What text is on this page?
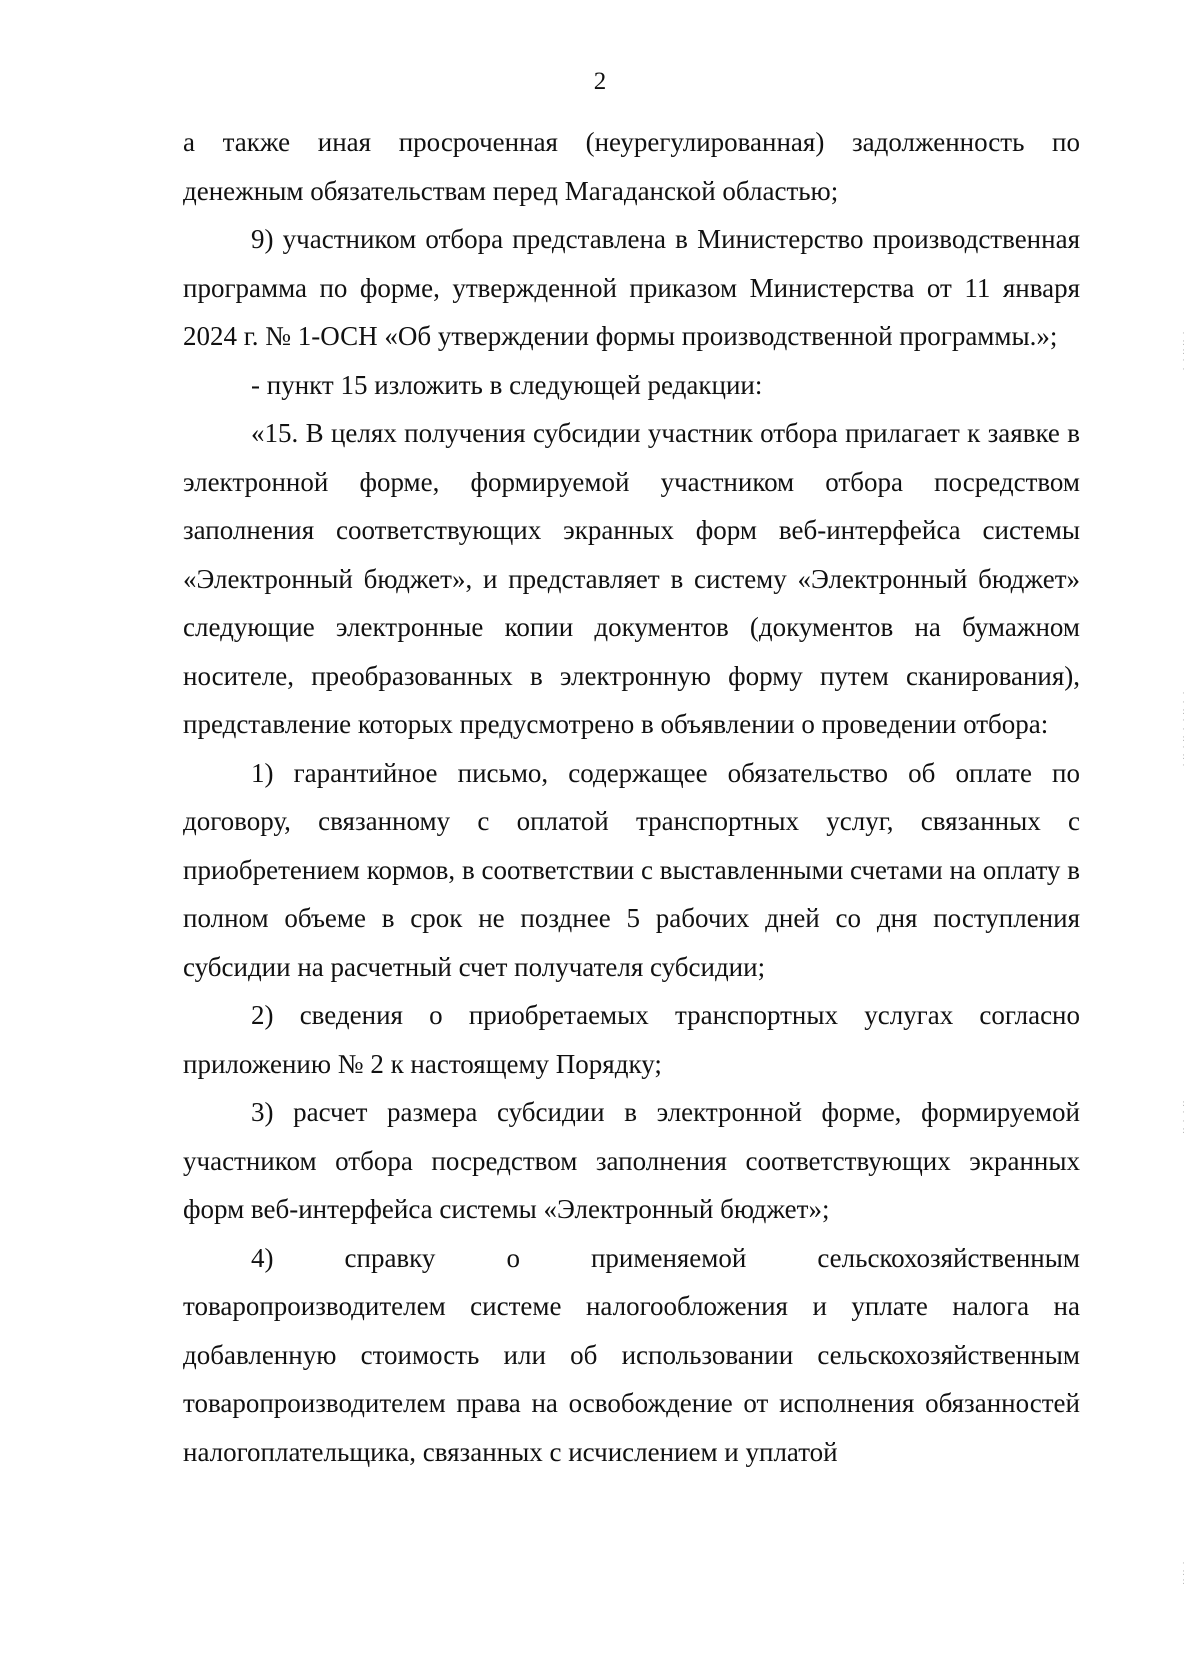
2

а также иная просроченная (неурегулированная) задолженность по денежным обязательствам перед Магаданской областью;

9) участником отбора представлена в Министерство производственная программа по форме, утвержденной приказом Министерства от 11 января 2024 г. № 1-ОСН «Об утверждении формы производственной программы.»;

- пункт 15 изложить в следующей редакции:

«15. В целях получения субсидии участник отбора прилагает к заявке в электронной форме, формируемой участником отбора посредством заполнения соответствующих экранных форм веб-интерфейса системы «Электронный бюджет», и представляет в систему «Электронный бюджет» следующие электронные копии документов (документов на бумажном носителе, преобразованных в электронную форму путем сканирования), представление которых предусмотрено в объявлении о проведении отбора:

1) гарантийное письмо, содержащее обязательство об оплате по договору, связанному с оплатой транспортных услуг, связанных с приобретением кормов, в соответствии с выставленными счетами на оплату в полном объеме в срок не позднее 5 рабочих дней со дня поступления субсидии на расчетный счет получателя субсидии;

2) сведения о приобретаемых транспортных услугах согласно приложению № 2 к настоящему Порядку;

3) расчет размера субсидии в электронной форме, формируемой участником отбора посредством заполнения соответствующих экранных форм веб-интерфейса системы «Электронный бюджет»;

4) справку о применяемой сельскохозяйственным товаропроизводителем системе налогообложения и уплате налога на добавленную стоимость или об использовании сельскохозяйственным товаропроизводителем права на освобождение от исполнения обязанностей налогоплательщика, связанных с исчислением и уплатой

· :
: ·
·
· ·
: ·
· :
·
: ·
: ·
· :
· :
:
